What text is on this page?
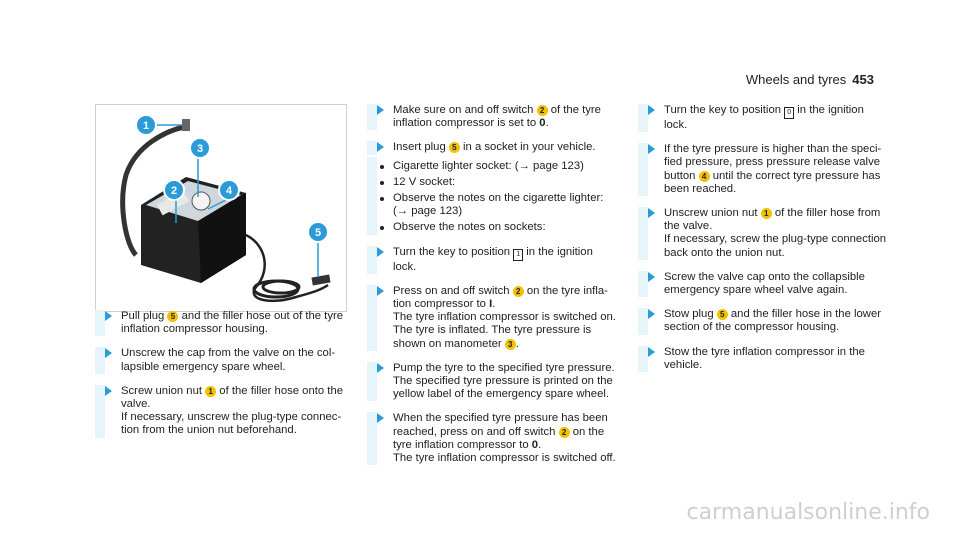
Wheels and tyres 453
1
3
2	4
5
Pull plug 5 and the filler hose out of the tyre inflation compressor housing.
Unscrew the cap from the valve on the col lapsible emergency spare wheel.
Screw union nut 1 of the filler hose onto the valve.

If necessary, unscrew the plug-type connec tion from the union nut beforehand.

Make sure on and off switch 2 of the tyre inflation compressor is set to 0.
Insert plug 5 in a socket in your vehicle.
Cigarette lighter socket: (→ page 123)
12 V socket:
Observe the notes on the cigarette lighter: (→ page 123)
Observe the notes on sockets:
Turn the key to position 1 in the ignition lock.
Press on and off switch 2 on the tyre infla tion compressor to I.

The tyre inflation compressor is switched on. The tyre is inflated. The tyre pressure is shown on manometer 3 .

Pump the tyre to the specified tyre pressure.

The specified tyre pressure is printed on the yellow label of the emergency spare wheel.

When the specified tyre pressure has been reached, press on and off switch 2 on the tyre inflation compressor to 0.

The tyre inflation compressor is switched off.

Turn the key to position 0 in the ignition lock.
If the tyre pressure is higher than the speci fied pressure, press pressure release valve button 4 until the correct tyre pressure has been reached.
Unscrew union nut 1 of the filler hose from the valve.

If necessary, screw the plug-type connection back onto the union nut.

Screw the valve cap onto the collapsible emergency spare wheel valve again.
Stow plug 5 and the filler hose in the lower section of the compressor housing.
Stow the tyre inflation compressor in the vehicle.
carmanualsonline.info
